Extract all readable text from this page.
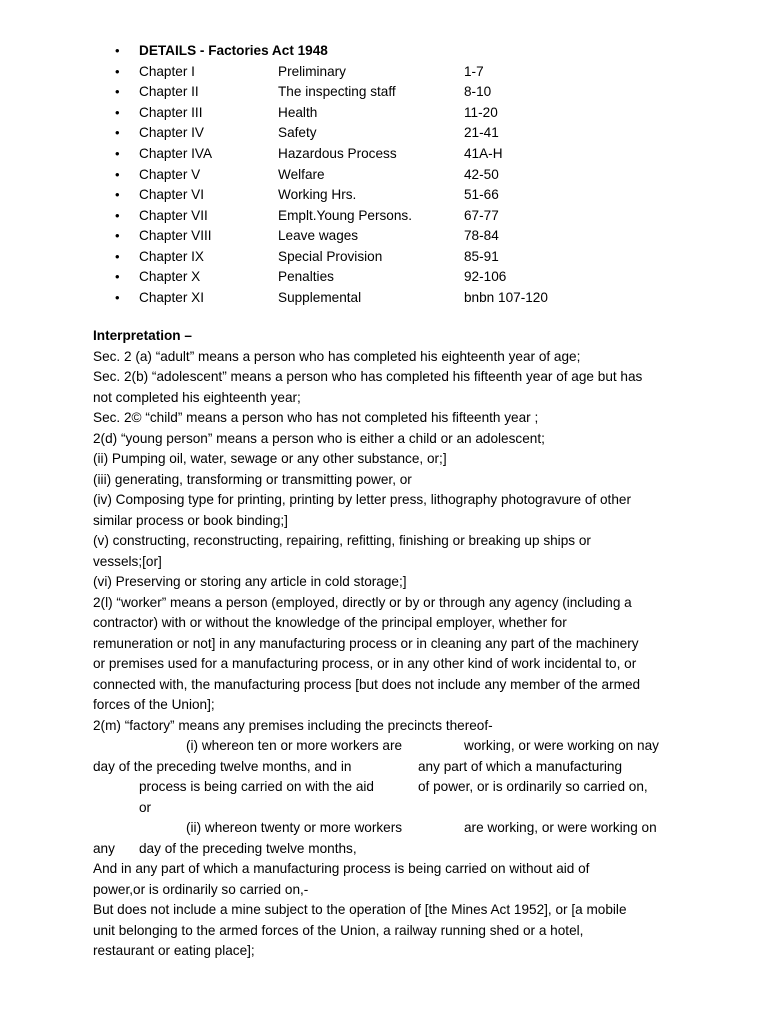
• DETAILS - Factories Act 1948
• Chapter I	Preliminary	1-7
• Chapter II	The inspecting staff	8-10
• Chapter III	Health	11-20
• Chapter IV	Safety	21-41
• Chapter IVA	Hazardous Process	41A-H
• Chapter V	Welfare	42-50
• Chapter VI	Working Hrs.	51-66
• Chapter VII	Emplt.Young Persons.	67-77
• Chapter VIII	Leave wages	78-84
• Chapter IX	Special Provision	85-91
• Chapter X	Penalties	92-106
• Chapter XI	Supplemental	bnbn 107-120
Interpretation –
Sec. 2 (a) “adult” means a person who has completed his eighteenth year of age;
Sec. 2(b) “adolescent” means a person who has completed his fifteenth year of age but has
not completed his eighteenth year;
Sec. 2© “child” means a person who has not completed his fifteenth year ;
2(d) “young person” means a person who is either a child or an adolescent;
(ii) Pumping oil, water, sewage or any other substance, or;]
(iii) generating, transforming or transmitting power, or
(iv) Composing type for printing, printing by letter press, lithography photogravure of other
similar process or book binding;]
(v) constructing, reconstructing, repairing, refitting, finishing or breaking up ships or
vessels;[or]
(vi) Preserving or storing any article in cold storage;]
2(l) “worker” means a person (employed, directly or by or through any agency (including a
contractor) with or without the knowledge of the principal employer, whether for
remuneration or not] in any manufacturing process or in cleaning any part of the machinery
or premises used for a manufacturing process, or in any other kind of work incidental to, or
connected with, the manufacturing process [but does not include any member of the armed
forces of the Union];
2(m) “factory” means any premises including the precincts thereof-
(i) whereon ten or more workers are	working, or were working on nay
day of the preceding twelve months, and in	any part of which a manufacturing
process is being carried on with the aid	of power, or is ordinarily so carried on,
or
(ii) whereon twenty or more workers	are working, or were working on
any day of the preceding twelve months,
And in any part of which a manufacturing process is being carried on without aid of
power,or is ordinarily so carried on,-
But does not include a mine subject to the operation of [the Mines Act 1952], or [a mobile
unit belonging to the armed forces of the Union, a railway running shed or a hotel,
restaurant or eating place];
